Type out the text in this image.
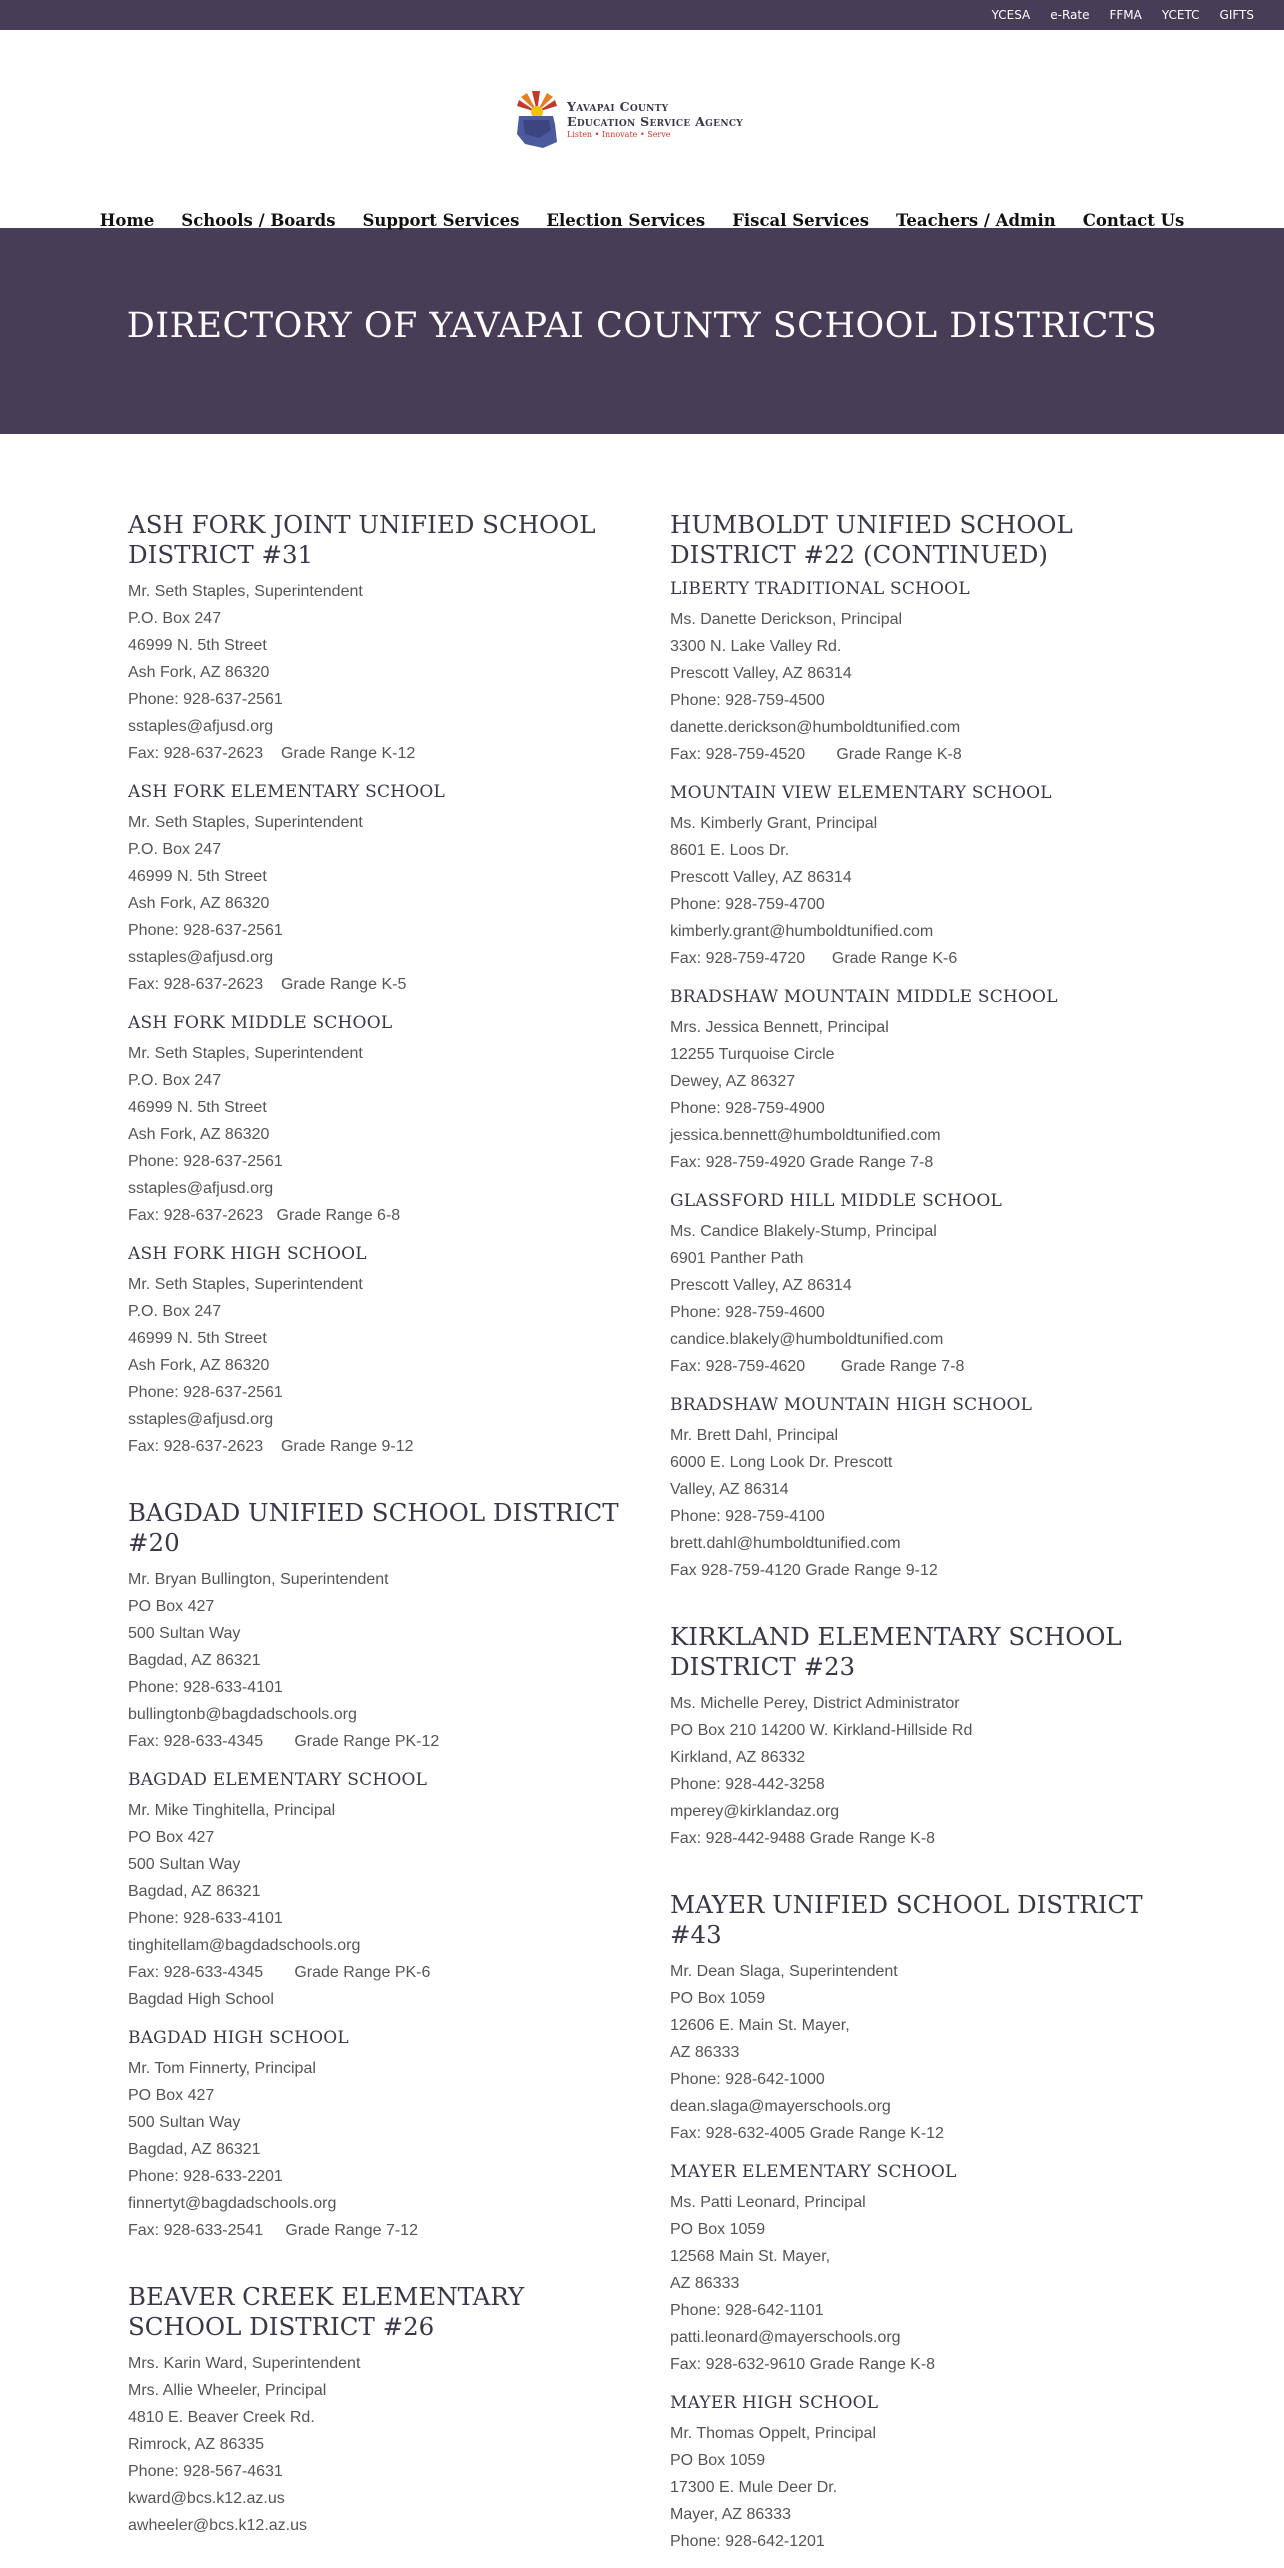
YCESA e-Rate FFMA YCETC GIFTS
Yavapai County
Education Service Agency
Listen • Innovate • Serve
Home Schools / Boards Support Services Election Services Fiscal Services Teachers / Admin Contact Us
DIRECTORY OF YAVAPAI COUNTY SCHOOL DISTRICTS
ASH FORK JOINT UNIFIED SCHOOL DISTRICT #31
Mr. Seth Staples, Superintendent
P.O. Box 247
46999 N. 5th Street
Ash Fork, AZ 86320
Phone: 928-637-2561
sstaples@afjusd.org
Fax: 928-637-2623    Grade Range K-12
ASH FORK ELEMENTARY SCHOOL
Mr. Seth Staples, Superintendent
P.O. Box 247
46999 N. 5th Street
Ash Fork, AZ 86320
Phone: 928-637-2561
sstaples@afjusd.org
Fax: 928-637-2623    Grade Range K-5
ASH FORK MIDDLE SCHOOL
Mr. Seth Staples, Superintendent
P.O. Box 247
46999 N. 5th Street
Ash Fork, AZ 86320
Phone: 928-637-2561
sstaples@afjusd.org
Fax: 928-637-2623   Grade Range 6-8
ASH FORK HIGH SCHOOL
Mr. Seth Staples, Superintendent
P.O. Box 247
46999 N. 5th Street
Ash Fork, AZ 86320
Phone: 928-637-2561
sstaples@afjusd.org
Fax: 928-637-2623    Grade Range 9-12
BAGDAD UNIFIED SCHOOL DISTRICT #20
Mr. Bryan Bullington, Superintendent
PO Box 427
500 Sultan Way
Bagdad, AZ 86321
Phone: 928-633-4101
bullingtonb@bagdadschools.org
Fax: 928-633-4345       Grade Range PK-12
BAGDAD ELEMENTARY SCHOOL
Mr. Mike Tinghitella, Principal
PO Box 427
500 Sultan Way
Bagdad, AZ 86321
Phone: 928-633-4101
tinghitellam@bagdadschools.org
Fax: 928-633-4345       Grade Range PK-6
Bagdad High School
BAGDAD HIGH SCHOOL
Mr. Tom Finnerty, Principal
PO Box 427
500 Sultan Way
Bagdad, AZ 86321
Phone: 928-633-2201
finnertyt@bagdadschools.org
Fax: 928-633-2541     Grade Range 7-12
BEAVER CREEK ELEMENTARY SCHOOL DISTRICT #26
Mrs. Karin Ward, Superintendent
Mrs. Allie Wheeler, Principal
4810 E. Beaver Creek Rd.
Rimrock, AZ 86335
Phone: 928-567-4631
kward@bcs.k12.az.us
awheeler@bcs.k12.az.us
HUMBOLDT UNIFIED SCHOOL DISTRICT #22 (CONTINUED)
LIBERTY TRADITIONAL SCHOOL
Ms. Danette Derickson, Principal
3300 N. Lake Valley Rd.
Prescott Valley, AZ 86314
Phone: 928-759-4500
danette.derickson@humboldtunified.com
Fax: 928-759-4520       Grade Range K-8
MOUNTAIN VIEW ELEMENTARY SCHOOL
Ms. Kimberly Grant, Principal
8601 E. Loos Dr.
Prescott Valley, AZ 86314
Phone: 928-759-4700
kimberly.grant@humboldtunified.com
Fax: 928-759-4720      Grade Range K-6
BRADSHAW MOUNTAIN MIDDLE SCHOOL
Mrs. Jessica Bennett, Principal
12255 Turquoise Circle
Dewey, AZ 86327
Phone: 928-759-4900
jessica.bennett@humboldtunified.com
Fax: 928-759-4920 Grade Range 7-8
GLASSFORD HILL MIDDLE SCHOOL
Ms. Candice Blakely-Stump, Principal
6901 Panther Path
Prescott Valley, AZ 86314
Phone: 928-759-4600
candice.blakely@humboldtunified.com
Fax: 928-759-4620        Grade Range 7-8
BRADSHAW MOUNTAIN HIGH SCHOOL
Mr. Brett Dahl, Principal
6000 E. Long Look Dr. Prescott
Valley, AZ 86314
Phone: 928-759-4100
brett.dahl@humboldtunified.com
Fax 928-759-4120 Grade Range 9-12
KIRKLAND ELEMENTARY SCHOOL DISTRICT #23
Ms. Michelle Perey, District Administrator
PO Box 210 14200 W. Kirkland-Hillside Rd
Kirkland, AZ 86332
Phone: 928-442-3258
mperey@kirklandaz.org
Fax: 928-442-9488 Grade Range K-8
MAYER UNIFIED SCHOOL DISTRICT #43
Mr. Dean Slaga, Superintendent
PO Box 1059
12606 E. Main St. Mayer,
AZ 86333
Phone: 928-642-1000
dean.slaga@mayerschools.org
Fax: 928-632-4005 Grade Range K-12
MAYER ELEMENTARY SCHOOL
Ms. Patti Leonard, Principal
PO Box 1059
12568 Main St. Mayer,
AZ 86333
Phone: 928-642-1101
patti.leonard@mayerschools.org
Fax: 928-632-9610 Grade Range K-8
MAYER HIGH SCHOOL
Mr. Thomas Oppelt, Principal
PO Box 1059
17300 E. Mule Deer Dr.
Mayer, AZ 86333
Phone: 928-642-1201
